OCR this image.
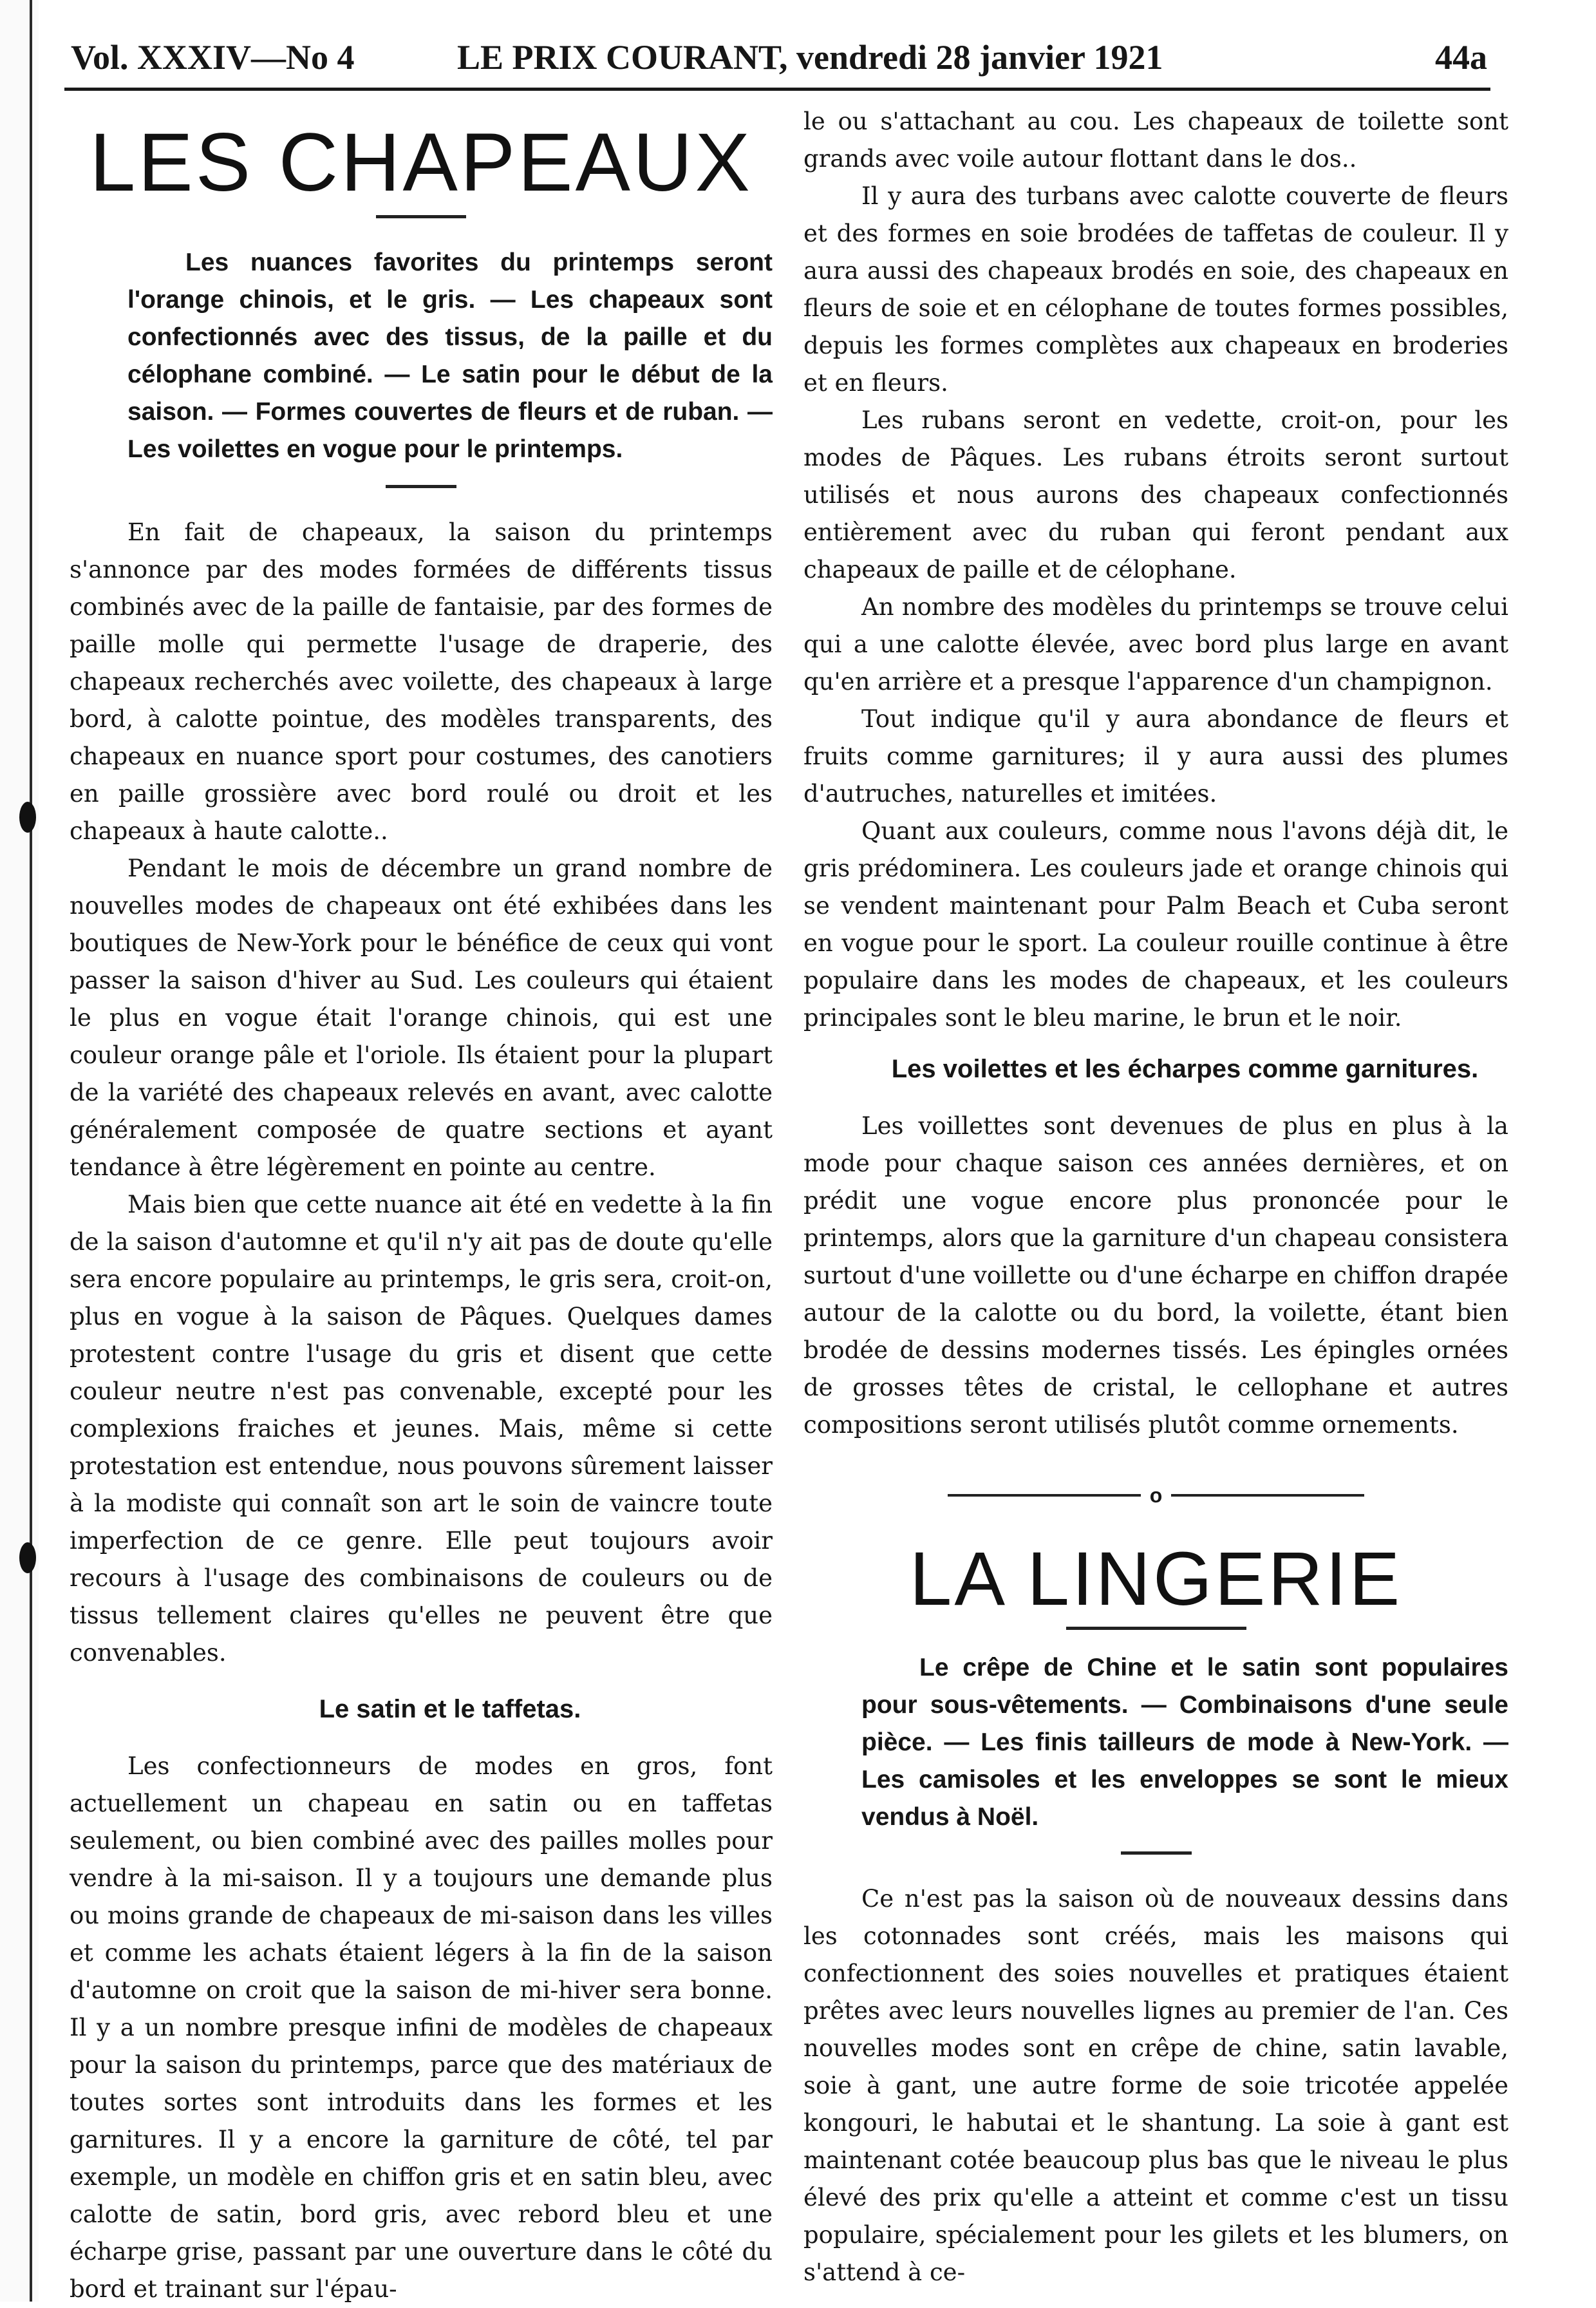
Vol. XXXIV—No 4	LE PRIX COURANT, vendredi 28 janvier 1921	44a
LES CHAPEAUX

Les nuances favorites du printemps seront l'orange chinois, et le gris. — Les chapeaux sont confectionnés avec des tissus, de la paille et du célophane combiné. — Le satin pour le début de la saison. — Formes couvertes de fleurs et de ruban. — Les voilettes en vogue pour le printemps.

En fait de chapeaux, la saison du printemps s'annonce par des modes formées de différents tissus combinés avec de la paille de fantaisie, par des formes de paille molle qui permette l'usage de draperie, des chapeaux recherchés avec voilette, des chapeaux à large bord, à calotte pointue, des modèles transparents, des chapeaux en nuance sport pour costumes, des canotiers en paille grossière avec bord roulé ou droit et les chapeaux à haute calotte..

Pendant le mois de décembre un grand nombre de nouvelles modes de chapeaux ont été exhibées dans les boutiques de New-York pour le bénéfice de ceux qui vont passer la saison d'hiver au Sud. Les couleurs qui étaient le plus en vogue était l'orange chinois, qui est une couleur orange pâle et l'oriole. Ils étaient pour la plupart de la variété des chapeaux relevés en avant, avec calotte généralement composée de quatre sections et ayant tendance à être légèrement en pointe au centre.

Mais bien que cette nuance ait été en vedette à la fin de la saison d'automne et qu'il n'y ait pas de doute qu'elle sera encore populaire au printemps, le gris sera, croit-on, plus en vogue à la saison de Pâques. Quelques dames protestent contre l'usage du gris et disent que cette couleur neutre n'est pas convenable, excepté pour les complexions fraiches et jeunes. Mais, même si cette protestation est entendue, nous pouvons sûrement laisser à la modiste qui connaît son art le soin de vaincre toute imperfection de ce genre. Elle peut toujours avoir recours à l'usage des combinaisons de couleurs ou de tissus tellement claires qu'elles ne peuvent être que convenables.

Le satin et le taffetas.

Les confectionneurs de modes en gros, font actuellement un chapeau en satin ou en taffetas seulement, ou bien combiné avec des pailles molles pour vendre à la mi-saison. Il y a toujours une demande plus ou moins grande de chapeaux de mi-saison dans les villes et comme les achats étaient légers à la fin de la saison d'automne on croit que la saison de mi-hiver sera bonne. Il y a un nombre presque infini de modèles de chapeaux pour la saison du printemps, parce que des matériaux de toutes sortes sont introduits dans les formes et les garnitures. Il y a encore la garniture de côté, tel par exemple, un modèle en chiffon gris et en satin bleu, avec calotte de satin, bord gris, avec rebord bleu et une écharpe grise, passant par une ouverture dans le côté du bord et trainant sur l'épau-

le ou s'attachant au cou. Les chapeaux de toilette sont grands avec voile autour flottant dans le dos..

Il y aura des turbans avec calotte couverte de fleurs et des formes en soie brodées de taffetas de couleur. Il y aura aussi des chapeaux brodés en soie, des chapeaux en fleurs de soie et en célophane de toutes formes possibles, depuis les formes complètes aux chapeaux en broderies et en fleurs.

Les rubans seront en vedette, croit-on, pour les modes de Pâques. Les rubans étroits seront surtout utilisés et nous aurons des chapeaux confectionnés entièrement avec du ruban qui feront pendant aux chapeaux de paille et de célophane.

An nombre des modèles du printemps se trouve celui qui a une calotte élevée, avec bord plus large en avant qu'en arrière et a presque l'apparence d'un champignon.

Tout indique qu'il y aura abondance de fleurs et fruits comme garnitures; il y aura aussi des plumes d'autruches, naturelles et imitées.

Quant aux couleurs, comme nous l'avons déjà dit, le gris prédominera. Les couleurs jade et orange chinois qui se vendent maintenant pour Palm Beach et Cuba seront en vogue pour le sport. La couleur rouille continue à être populaire dans les modes de chapeaux, et les couleurs principales sont le bleu marine, le brun et le noir.

Les voilettes et les écharpes comme garnitures.

Les voillettes sont devenues de plus en plus à la mode pour chaque saison ces années dernières, et on prédit une vogue encore plus prononcée pour le printemps, alors que la garniture d'un chapeau consistera surtout d'une voillette ou d'une écharpe en chiffon drapée autour de la calotte ou du bord, la voilette, étant bien brodée de dessins modernes tissés. Les épingles ornées de grosses têtes de cristal, le cellophane et autres compositions seront utilisés plutôt comme ornements.

o
LA LINGERIE

Le crêpe de Chine et le satin sont populaires pour sous-vêtements. — Combinaisons d'une seule pièce. — Les finis tailleurs de mode à New-York. — Les camisoles et les enveloppes se sont le mieux vendus à Noël.

Ce n'est pas la saison où de nouveaux dessins dans les cotonnades sont créés, mais les maisons qui confectionnent des soies nouvelles et pratiques étaient prêtes avec leurs nouvelles lignes au premier de l'an. Ces nouvelles modes sont en crêpe de chine, satin lavable, soie à gant, une autre forme de soie tricotée appelée kongouri, le habutai et le shantung. La soie à gant est maintenant cotée beaucoup plus bas que le niveau le plus élevé des prix qu'elle a atteint et comme c'est un tissu populaire, spécialement pour les gilets et les blumers, on s'attend à ce-
